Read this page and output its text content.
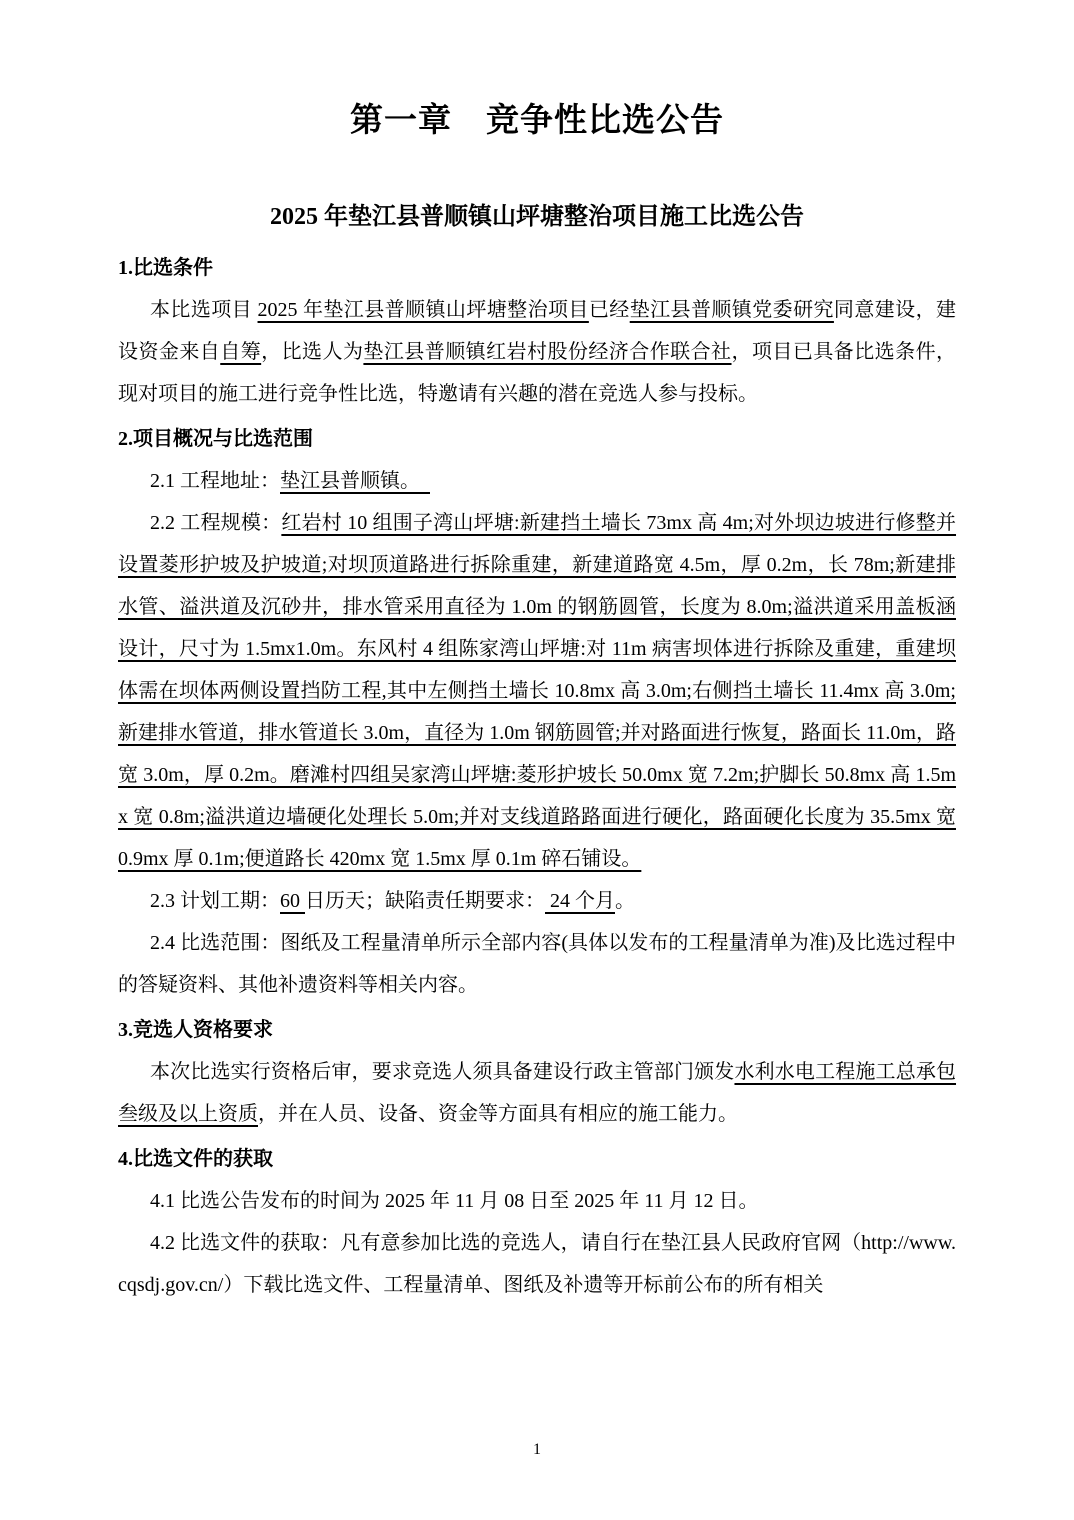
第一章　竞争性比选公告
2025 年垫江县普顺镇山坪塘整治项目施工比选公告
1.比选条件

本比选项目 2025 年垫江县普顺镇山坪塘整治项目已经垫江县普顺镇党委研究同意建设，建设资金来自自筹，比选人为垫江县普顺镇红岩村股份经济合作联合社，项目已具备比选条件，现对项目的施工进行竞争性比选，特邀请有兴趣的潜在竞选人参与投标。

2.项目概况与比选范围

2.1 工程地址：垫江县普顺镇。　

2.2 工程规模：红岩村 10 组围子湾山坪塘:新建挡土墙长 73mx 高 4m;对外坝边坡进行修整并设置菱形护坡及护坡道;对坝顶道路进行拆除重建，新建道路宽 4.5m，厚 0.2m，长 78m;新建排水管、溢洪道及沉砂井，排水管采用直径为 1.0m 的钢筋圆管，长度为 8.0m;溢洪道采用盖板涵设计，尺寸为 1.5mx1.0m。东风村 4 组陈家湾山坪塘:对 11m 病害坝体进行拆除及重建，重建坝体需在坝体两侧设置挡防工程,其中左侧挡土墙长 10.8mx 高 3.0m;右侧挡土墙长 11.4mx 高 3.0m;新建排水管道，排水管道长 3.0m，直径为 1.0m 钢筋圆管;并对路面进行恢复，路面长 11.0m，路宽 3.0m，厚 0.2m。磨滩村四组吴家湾山坪塘:菱形护坡长 50.0mx 宽 7.2m;护脚长 50.8mx 高 1.5mx 宽 0.8m;溢洪道边墙硬化处理长 5.0m;并对支线道路路面进行硬化，路面硬化长度为 35.5mx 宽 0.9mx 厚 0.1m;便道路长 420mx 宽 1.5mx 厚 0.1m 碎石铺设。

2.3 计划工期：60 日历天；缺陷责任期要求： 24 个月。

2.4 比选范围：图纸及工程量清单所示全部内容(具体以发布的工程量清单为准)及比选过程中的答疑资料、其他补遗资料等相关内容。

3.竞选人资格要求

本次比选实行资格后审，要求竞选人须具备建设行政主管部门颁发水利水电工程施工总承包叁级及以上资质，并在人员、设备、资金等方面具有相应的施工能力。

4.比选文件的获取

4.1 比选公告发布的时间为 2025 年 11 月 08 日至 2025 年 11 月 12 日。

4.2 比选文件的获取：凡有意参加比选的竞选人，请自行在垫江县人民政府官网（http://www.cqsdj.gov.cn/）下载比选文件、工程量清单、图纸及补遗等开标前公布的所有相关

1
